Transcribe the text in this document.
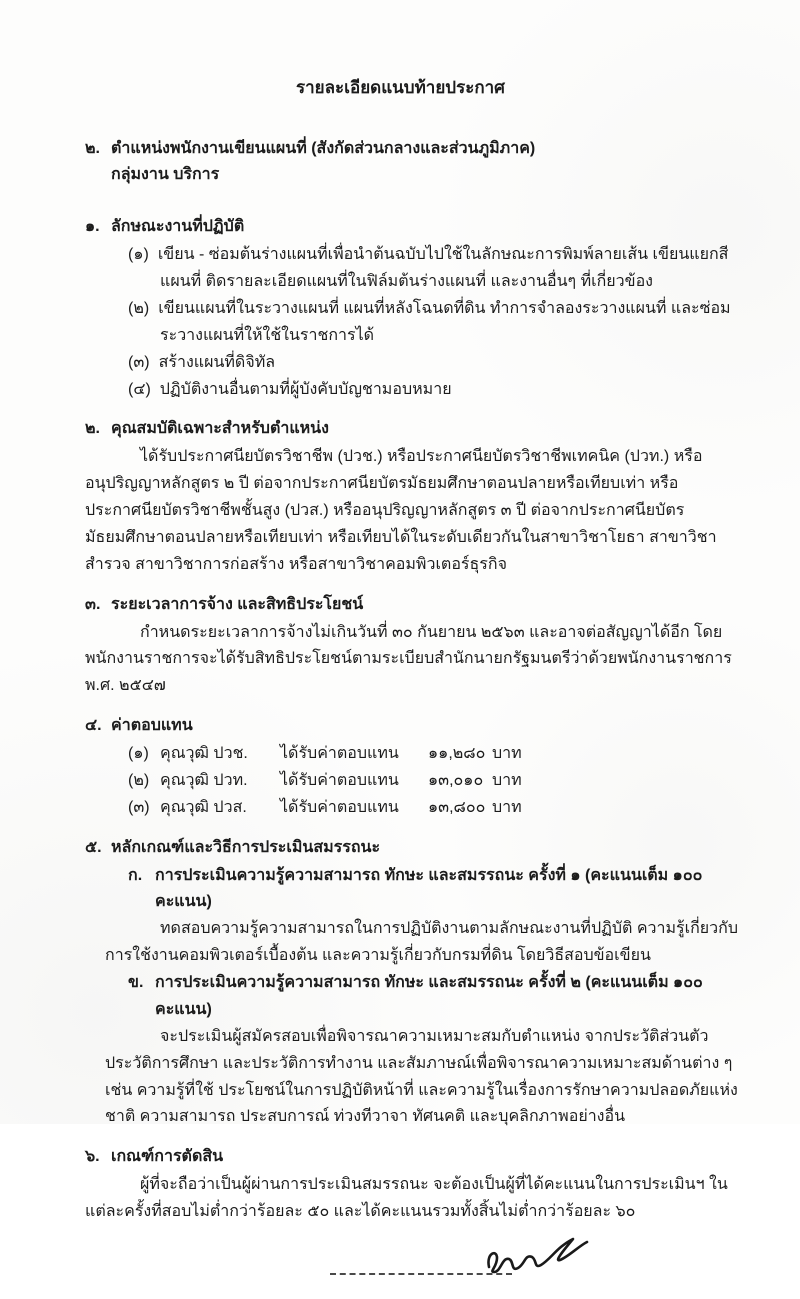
รายละเอียดแนบท้ายประกาศ
๒. ตำแหน่งพนักงานเขียนแผนที่ (สังกัดส่วนกลางและส่วนภูมิภาค)
กลุ่มงาน บริการ
๑. ลักษณะงานที่ปฏิบัติ
(๑) เขียน - ซ่อมต้นร่างแผนที่เพื่อนำต้นฉบับไปใช้ในลักษณะการพิมพ์ลายเส้น เขียนแยกสีแผนที่ ติดรายละเอียดแผนที่ในฟิล์มต้นร่างแผนที่ และงานอื่นๆ ที่เกี่ยวข้อง
(๒) เขียนแผนที่ในระวางแผนที่ แผนที่หลังโฉนดที่ดิน ทำการจำลองระวางแผนที่ และซ่อมระวางแผนที่ให้ใช้ในราชการได้
(๓) สร้างแผนที่ดิจิทัล
(๔) ปฏิบัติงานอื่นตามที่ผู้บังคับบัญชามอบหมาย
๒. คุณสมบัติเฉพาะสำหรับตำแหน่ง

ได้รับประกาศนียบัตรวิชาชีพ (ปวช.) หรือประกาศนียบัตรวิชาชีพเทคนิค (ปวท.) หรืออนุปริญญาหลักสูตร ๒ ปี ต่อจากประกาศนียบัตรมัธยมศึกษาตอนปลายหรือเทียบเท่า หรือประกาศนียบัตรวิชาชีพชั้นสูง (ปวส.) หรืออนุปริญญาหลักสูตร ๓ ปี ต่อจากประกาศนียบัตรมัธยมศึกษาตอนปลายหรือเทียบเท่า หรือเทียบได้ในระดับเดียวกันในสาขาวิชาโยธา สาขาวิชาสำรวจ สาขาวิชาการก่อสร้าง หรือสาขาวิชาคอมพิวเตอร์ธุรกิจ

๓. ระยะเวลาการจ้าง และสิทธิประโยชน์

กำหนดระยะเวลาการจ้างไม่เกินวันที่ ๓๐ กันยายน ๒๕๖๓ และอาจต่อสัญญาได้อีก โดยพนักงานราชการจะได้รับสิทธิประโยชน์ตามระเบียบสำนักนายกรัฐมนตรีว่าด้วยพนักงานราชการ พ.ศ. ๒๕๔๗

๔. ค่าตอบแทน
(๑) คุณวุฒิ ปวช. ได้รับค่าตอบแทน	๑๑,๒๘๐ บาท
(๒) คุณวุฒิ ปวท. ได้รับค่าตอบแทน	๑๓,๐๑๐ บาท
(๓) คุณวุฒิ ปวส. ได้รับค่าตอบแทน	๑๓,๘๐๐ บาท
๕. หลักเกณฑ์และวิธีการประเมินสมรรถนะ
ก. การประเมินความรู้ความสามารถ ทักษะ และสมรรถนะ ครั้งที่ ๑ (คะแนนเต็ม ๑๐๐ คะแนน)

ทดสอบความรู้ความสามารถในการปฏิบัติงานตามลักษณะงานที่ปฏิบัติ ความรู้เกี่ยวกับการใช้งานคอมพิวเตอร์เบื้องต้น และความรู้เกี่ยวกับกรมที่ดิน โดยวิธีสอบข้อเขียน

ข. การประเมินความรู้ความสามารถ ทักษะ และสมรรถนะ ครั้งที่ ๒ (คะแนนเต็ม ๑๐๐ คะแนน)

จะประเมินผู้สมัครสอบเพื่อพิจารณาความเหมาะสมกับตำแหน่ง จากประวัติส่วนตัว ประวัติการศึกษา และประวัติการทำงาน และสัมภาษณ์เพื่อพิจารณาความเหมาะสมด้านต่าง ๆ เช่น ความรู้ที่ใช้ ประโยชน์ในการปฏิบัติหน้าที่ และความรู้ในเรื่องการรักษาความปลอดภัยแห่งชาติ ความสามารถ ประสบการณ์ ท่วงทีวาจา ทัศนคติ และบุคลิกภาพอย่างอื่น

๖. เกณฑ์การตัดสิน

ผู้ที่จะถือว่าเป็นผู้ผ่านการประเมินสมรรถนะ จะต้องเป็นผู้ที่ได้คะแนนในการประเมินฯ ในแต่ละครั้งที่สอบไม่ต่ำกว่าร้อยละ ๕๐ และได้คะแนนรวมทั้งสิ้นไม่ต่ำกว่าร้อยละ ๖๐
